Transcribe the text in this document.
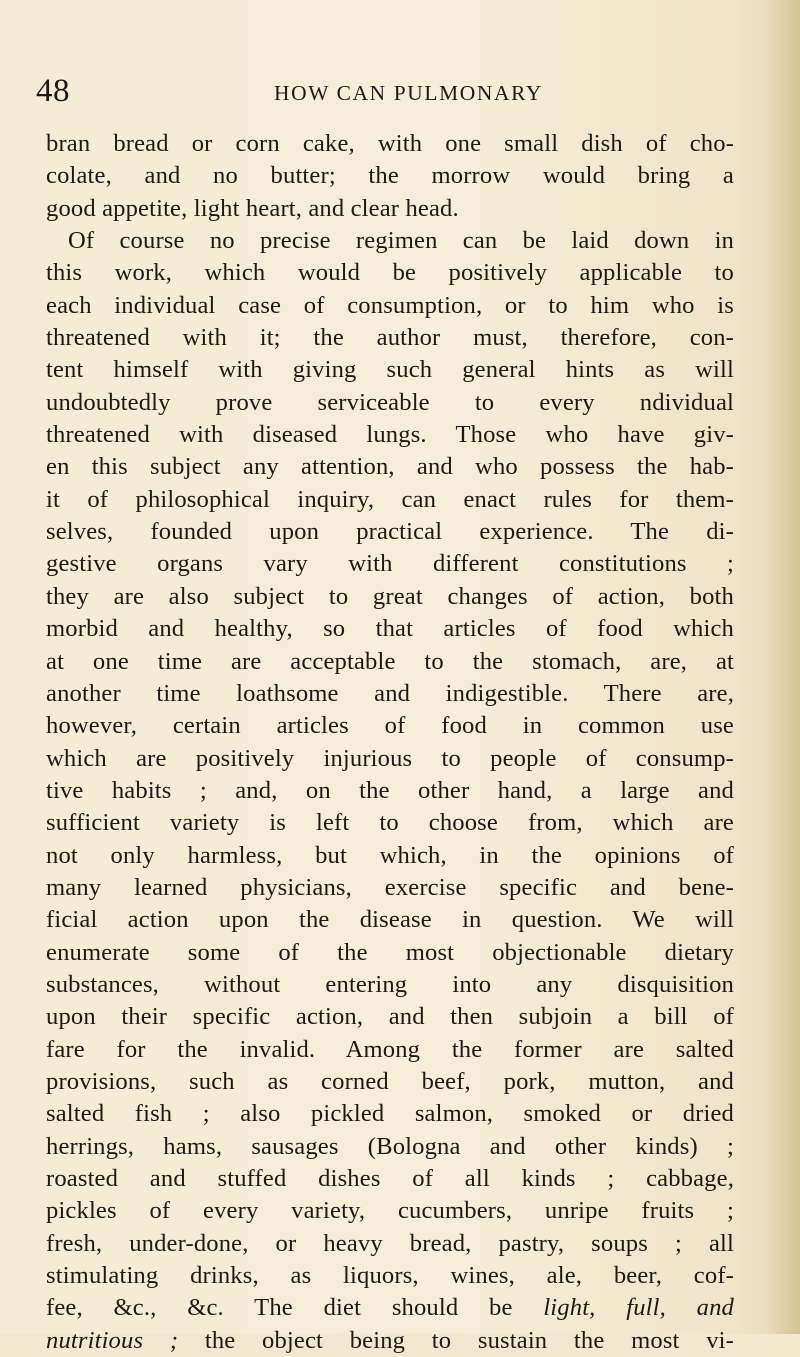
48	HOW CAN PULMONARY
bran bread or corn cake, with one small dish of cho-
colate, and no butter; the morrow would bring a
good appetite, light heart, and clear head.
Of course no precise regimen can be laid down in
this work, which would be positively applicable to
each individual case of consumption, or to him who is
threatened with it; the author must, therefore, con-
tent himself with giving such general hints as will
undoubtedly prove serviceable to every ndividual
threatened with diseased lungs. Those who have giv-
en this subject any attention, and who possess the hab-
it of philosophical inquiry, can enact rules for them-
selves, founded upon practical experience. The di-
gestive organs vary with different constitutions ;
they are also subject to great changes of action, both
morbid and healthy, so that articles of food which
at one time are acceptable to the stomach, are, at
another time loathsome and indigestible. There are,
however, certain articles of food in common use
which are positively injurious to people of consump-
tive habits ; and, on the other hand, a large and
sufficient variety is left to choose from, which are
not only harmless, but which, in the opinions of
many learned physicians, exercise specific and bene-
ficial action upon the disease in question. We will
enumerate some of the most objectionable dietary
substances, without entering into any disquisition
upon their specific action, and then subjoin a bill of
fare for the invalid. Among the former are salted
provisions, such as corned beef, pork, mutton, and
salted fish ; also pickled salmon, smoked or dried
herrings, hams, sausages (Bologna and other kinds) ;
roasted and stuffed dishes of all kinds ; cabbage,
pickles of every variety, cucumbers, unripe fruits ;
fresh, under-done, or heavy bread, pastry, soups ; all
stimulating drinks, as liquors, wines, ale, beer, cof-
fee, &c., &c. The diet should be light, full, and
nutritious ; the object being to sustain the most vi-
